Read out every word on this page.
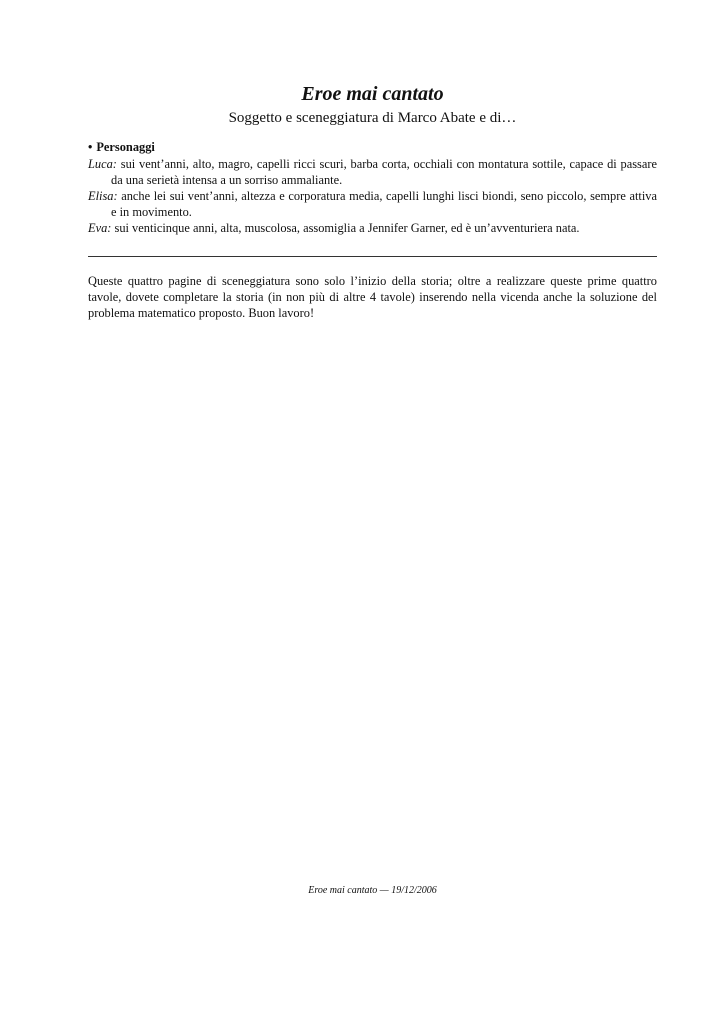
Eroe mai cantato
Soggetto e sceneggiatura di Marco Abate e di…
• Personaggi
Luca: sui vent’anni, alto, magro, capelli ricci scuri, barba corta, occhiali con montatura sottile, capace di passare da una serietà intensa a un sorriso ammaliante.
Elisa: anche lei sui vent’anni, altezza e corporatura media, capelli lunghi lisci biondi, seno piccolo, sempre attiva e in movimento.
Eva: sui venticinque anni, alta, muscolosa, assomiglia a Jennifer Garner, ed è un’avventuriera nata.
Queste quattro pagine di sceneggiatura sono solo l’inizio della storia; oltre a realizzare queste prime quattro tavole, dovete completare la storia (in non più di altre 4 tavole) inserendo nella vicenda anche la soluzione del problema matematico proposto. Buon lavoro!
Eroe mai cantato — 19/12/2006
